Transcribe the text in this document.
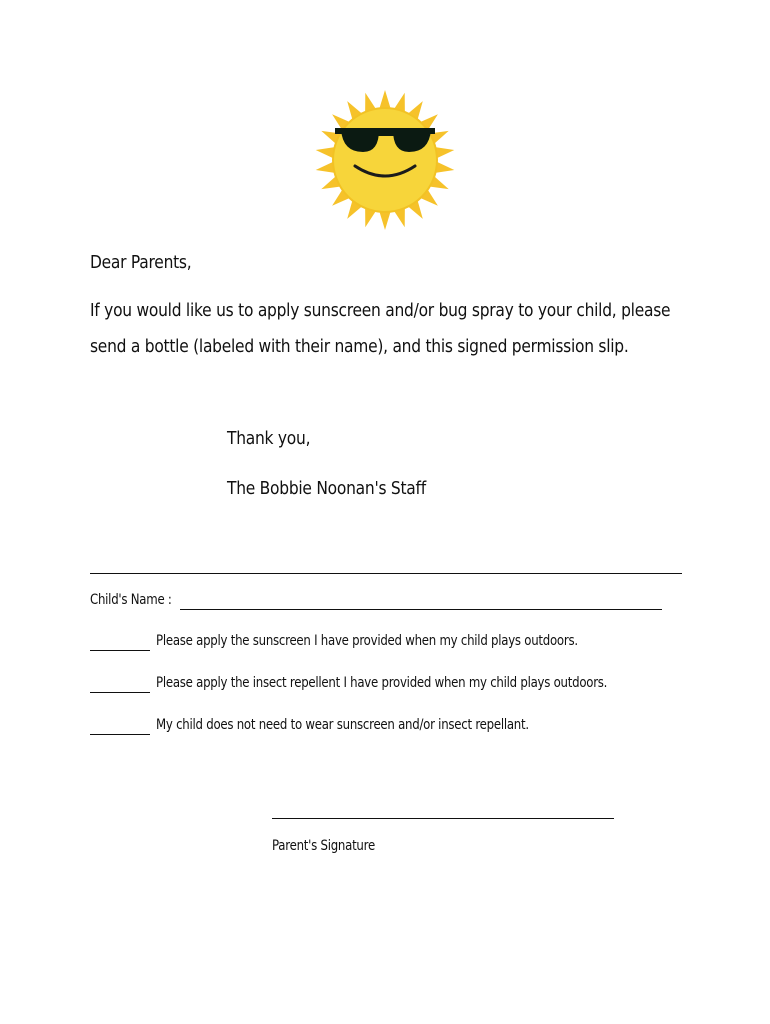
Dear Parents,
If you would like us to apply sunscreen and/or bug spray to your child, please
send a bottle (labeled with their name), and this signed permission slip.
Thank you,
The Bobbie Noonan's Staff
Child's Name :
Please apply the sunscreen I have provided when my child plays outdoors.
Please apply the insect repellent I have provided when my child plays outdoors.
My child does not need to wear sunscreen and/or insect repellant.
Parent's Signature
